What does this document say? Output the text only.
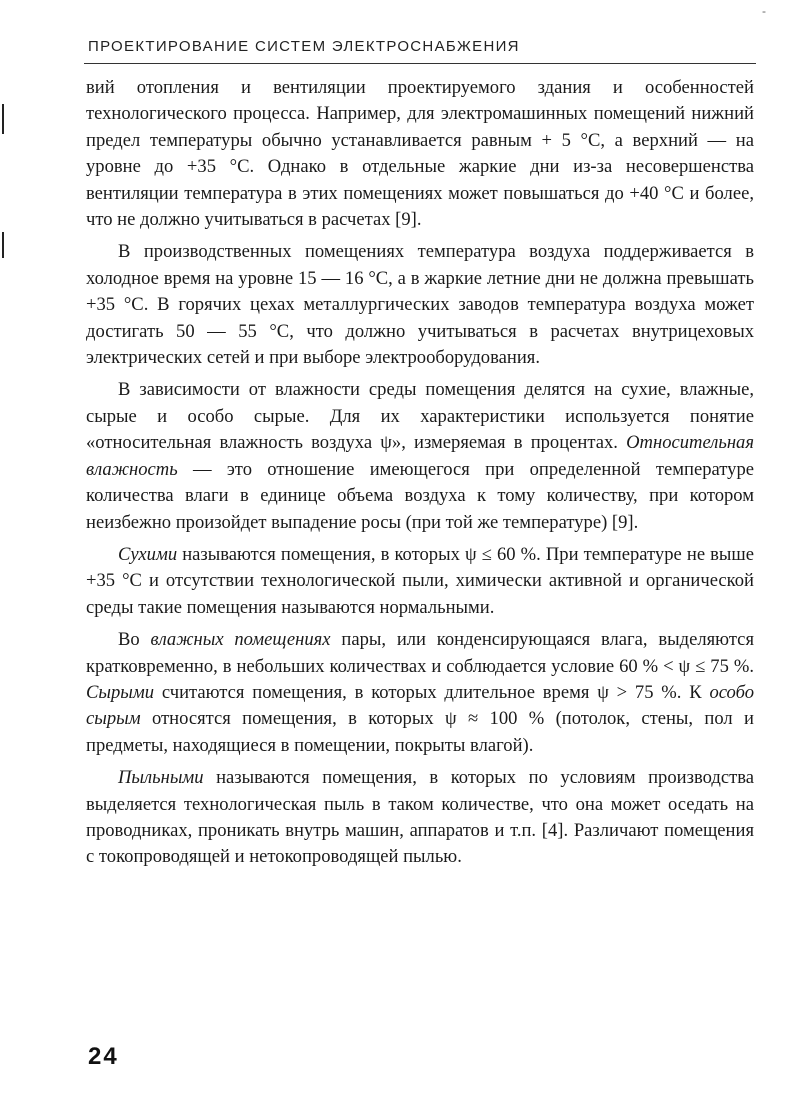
-
ПРОЕКТИРОВАНИЕ СИСТЕМ ЭЛЕКТРОСНАБЖЕНИЯ

вий отопления и вентиляции проектируемого здания и особенностей технологического процесса. Например, для электромашинных помещений нижний предел температуры обычно устанавливается равным + 5 °С, а верхний — на уровне до +35 °С. Однако в отдельные жаркие дни из-за несовершенства вентиляции температура в этих помещениях может повышаться до +40 °С и более, что не должно учитываться в расчетах [9].

В производственных помещениях температура воздуха поддерживается в холодное время на уровне 15 — 16 °С, а в жаркие летние дни не должна превышать +35 °С. В горячих цехах металлургических заводов температура воздуха может достигать 50 — 55 °С, что должно учитываться в расчетах внутрицеховых электрических сетей и при выборе электрооборудования.

В зависимости от влажности среды помещения делятся на сухие, влажные, сырые и особо сырые. Для их характеристики используется понятие «относительная влажность воздуха ψ», измеряемая в процентах. Относительная влажность — это отношение имеющегося при определенной температуре количества влаги в единице объема воздуха к тому количеству, при котором неизбежно произойдет выпадение росы (при той же температуре) [9].

Сухими называются помещения, в которых ψ ≤ 60 %. При температуре не выше +35 °С и отсутствии технологической пыли, химически активной и органической среды такие помещения называются нормальными.

Во влажных помещениях пары, или конденсирующаяся влага, выделяются кратковременно, в небольших количествах и соблюдается условие 60 % < ψ ≤ 75 %. Сырыми считаются помещения, в которых длительное время ψ > 75 %. К особо сырым относятся помещения, в которых ψ ≈ 100 % (потолок, стены, пол и предметы, находящиеся в помещении, покрыты влагой).

Пыльными называются помещения, в которых по условиям производства выделяется технологическая пыль в таком количестве, что она может оседать на проводниках, проникать внутрь машин, аппаратов и т.п. [4]. Различают помещения с токопроводящей и нетокопроводящей пылью.

24
